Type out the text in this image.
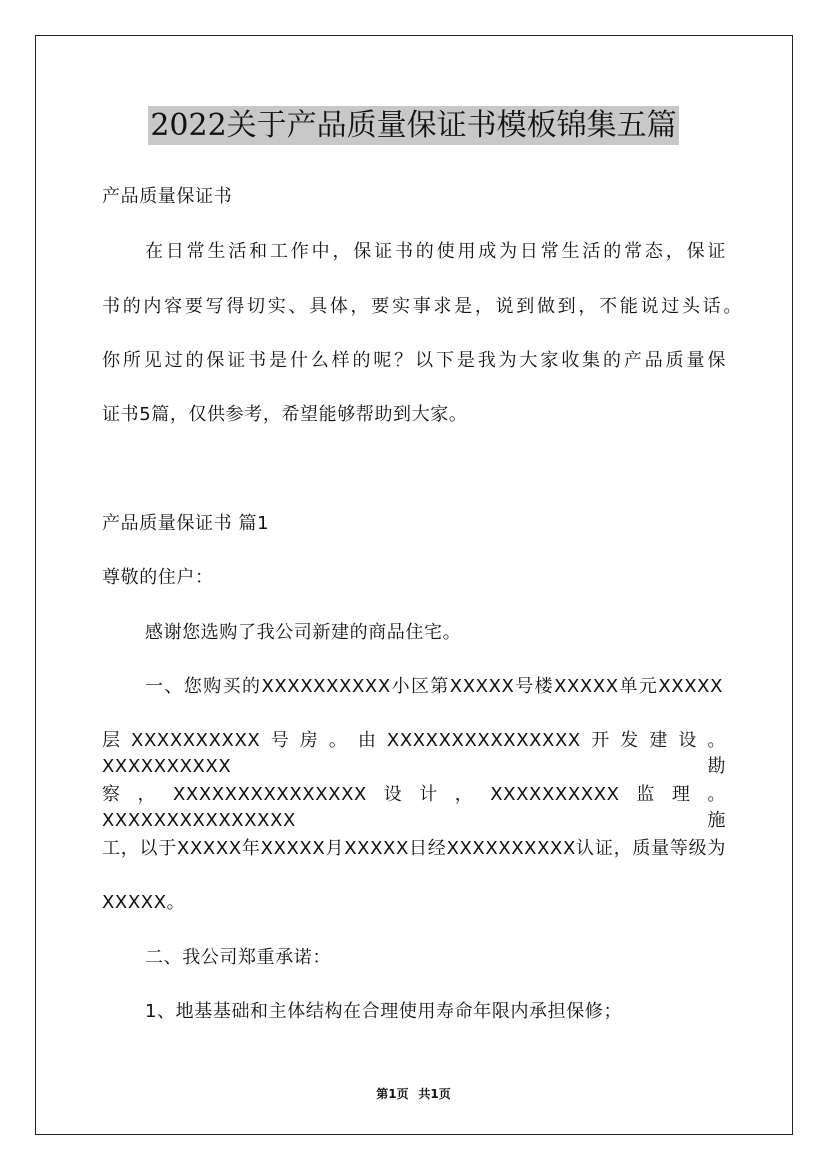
2022关于产品质量保证书模板锦集五篇
产品质量保证书
在日常生活和工作中，保证书的使用成为日常生活的常态，保证
书的内容要写得切实、具体，要实事求是，说到做到，不能说过头话。
你所见过的保证书是什么样的呢？以下是我为大家收集的产品质量保
证书5篇，仅供参考，希望能够帮助到大家。
产品质量保证书 篇1
尊敬的住户：
感谢您选购了我公司新建的商品住宅。
一、您购买的XXXXXXXXXX小区第XXXXX号楼XXXXX单元XXXXX
层XXXXXXXXXX号房。由XXXXXXXXXXXXXXX开发建设。XXXXXXXXXX勘
察，XXXXXXXXXXXXXXX设计，XXXXXXXXXX监理。XXXXXXXXXXXXXXX施
工，以于XXXXX年XXXXX月XXXXX日经XXXXXXXXXX认证，质量等级为
XXXXX。
二、我公司郑重承诺：
1、地基基础和主体结构在合理使用寿命年限内承担保修；
第1页 共1页
